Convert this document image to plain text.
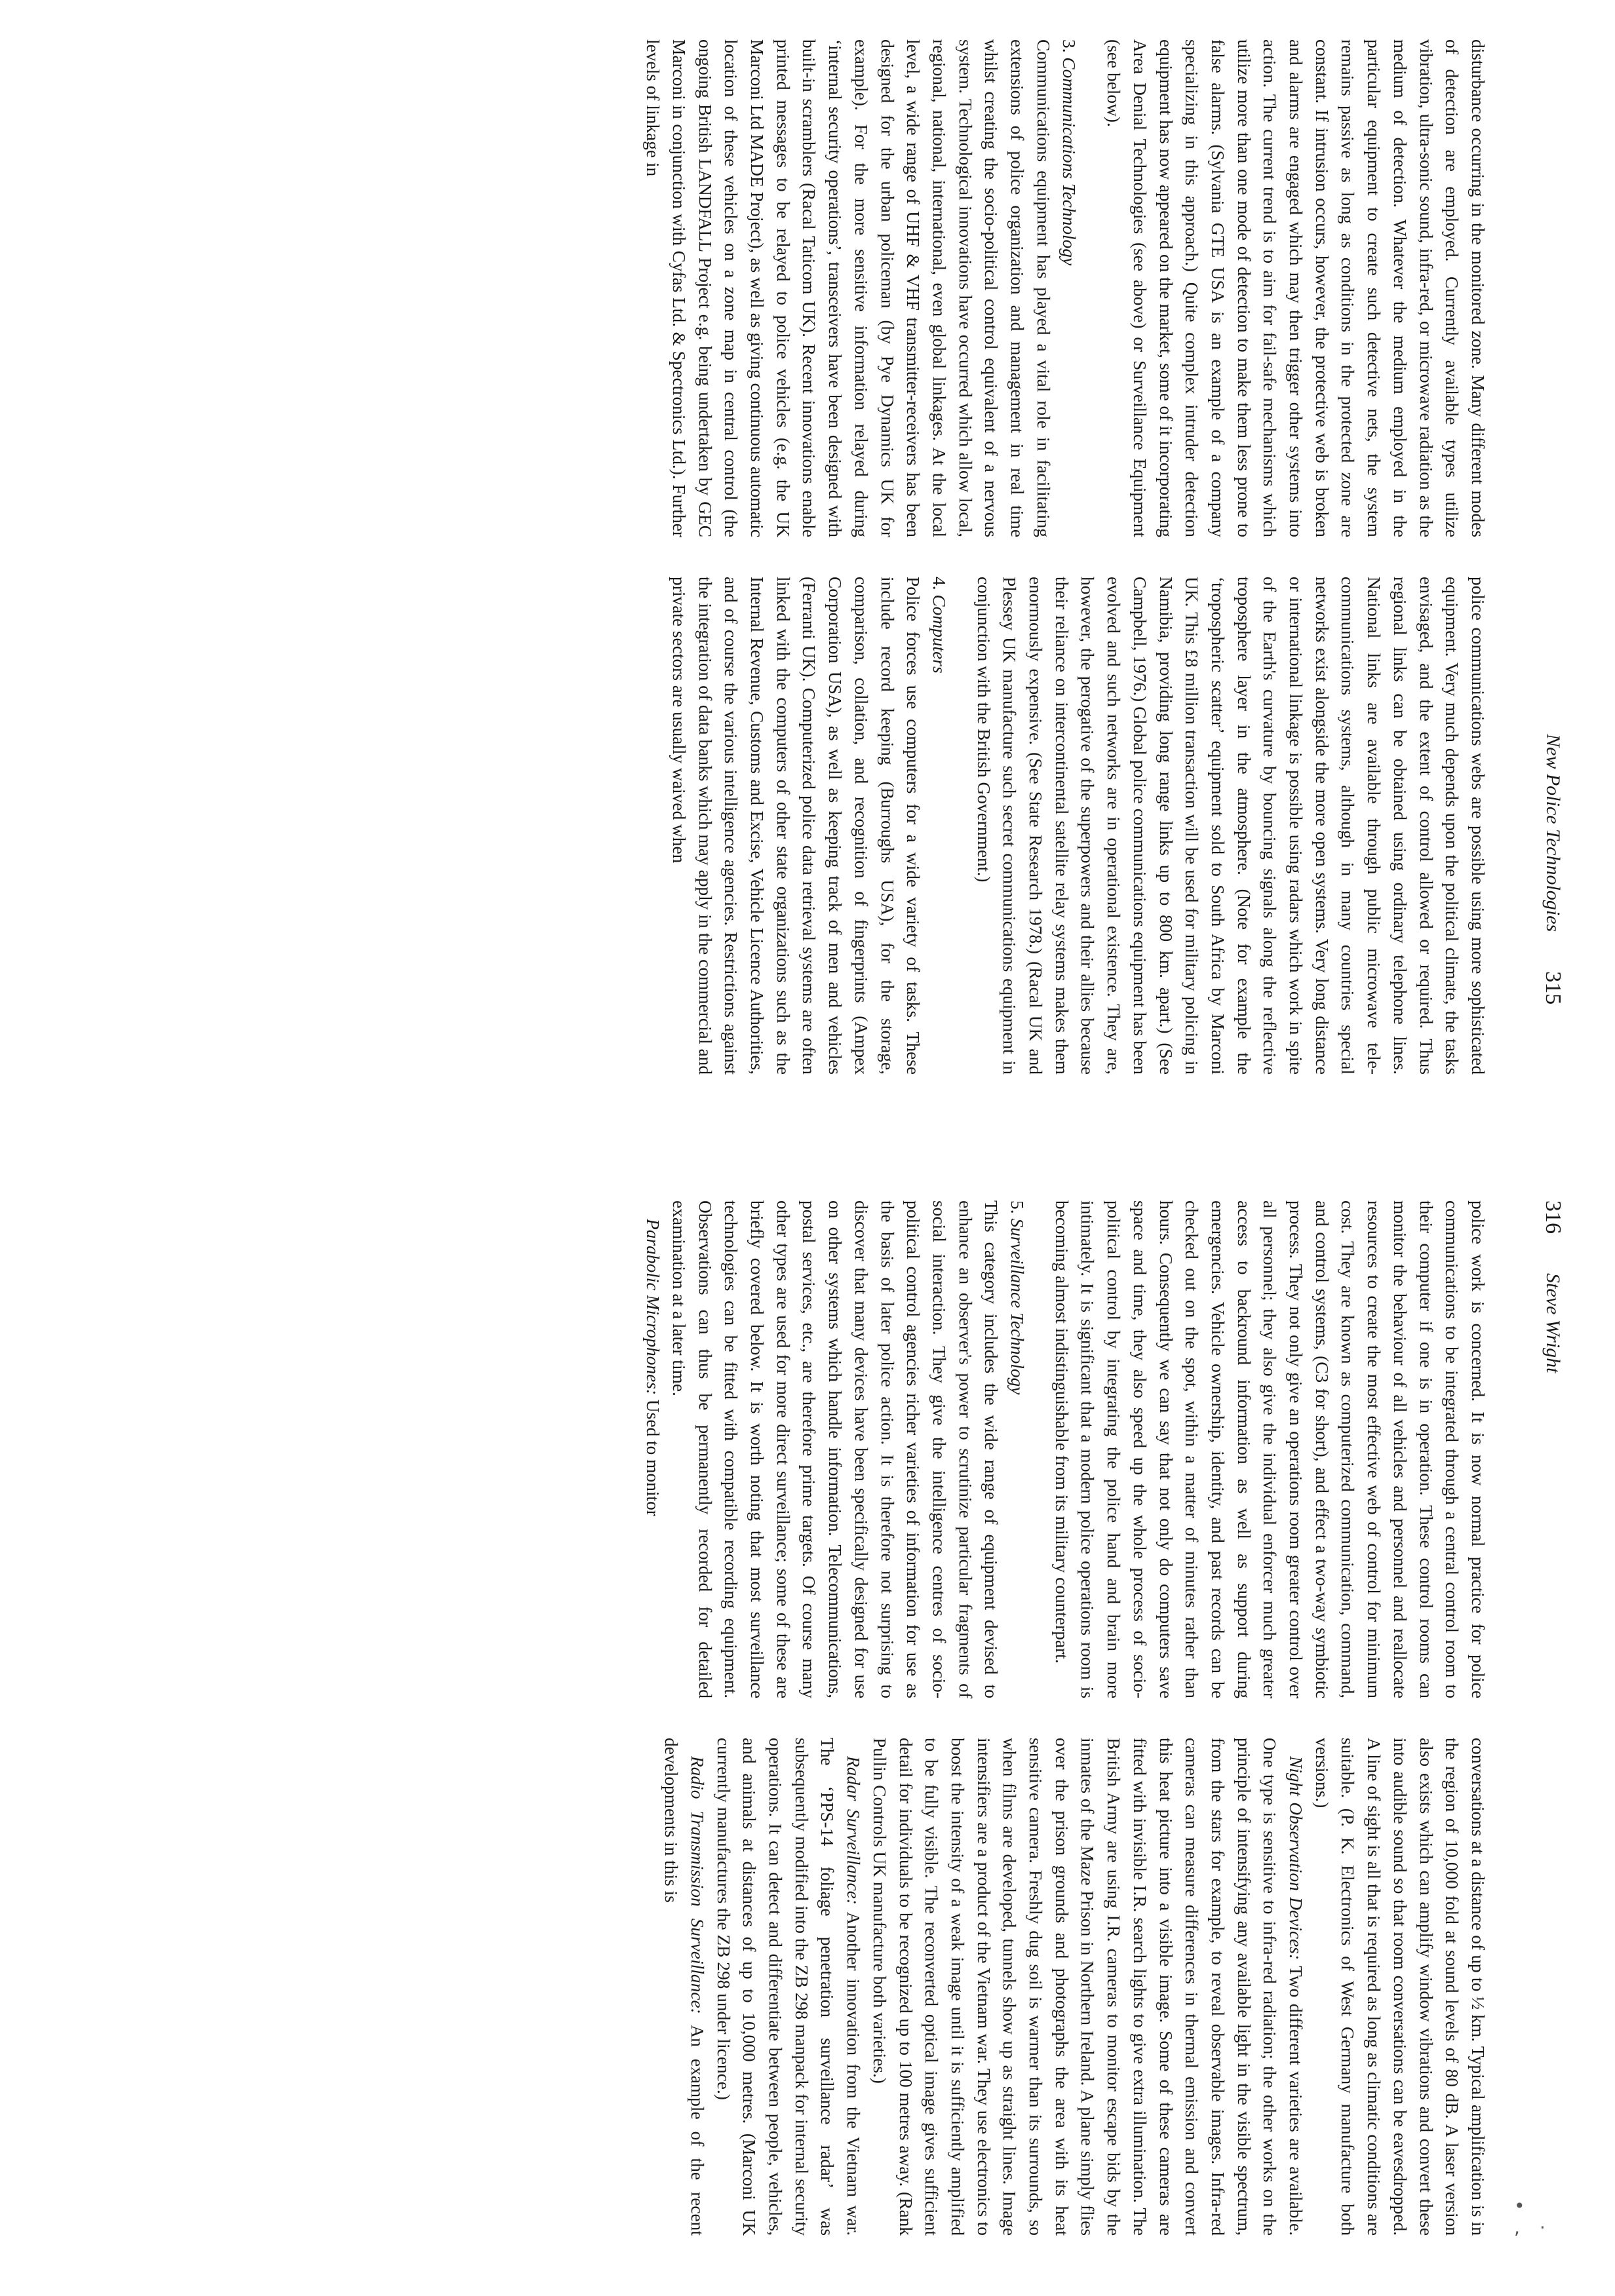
New Police Technologies
315

disturbance occurring in the monitored zone. Many different modes of detection are employed. Currently available types utilize vibration, ultra-sonic sound, infra-red, or microwave radiation as the medium of detection. Whatever the medium employed in the particular equipment to create such detective nets, the system remains passive as long as conditions in the protected zone are constant. If intrusion occurs, however, the protective web is broken and alarms are engaged which may then trigger other systems into action. The current trend is to aim for fail-safe mechanisms which utilize more than one mode of detection to make them less prone to false alarms. (Sylvania GTE USA is an example of a company specializing in this approach.) Quite complex intruder detection equipment has now appeared on the market, some of it incorporating Area Denial Technologies (see above) or Surveillance Equipment (see below).

3. Communications Technology

Communications equipment has played a vital role in facilitating extensions of police organization and management in real time whilst creating the socio-political control equivalent of a nervous system. Technological innovations have occurred which allow local, regional, national, international, even global linkages. At the local level, a wide range of UHF & VHF transmitter-receivers has been designed for the urban policeman (by Pye Dynamics UK for example). For the more sensitive information relayed during ‘internal security operations’, transceivers have been designed with built-in scramblers (Racal Taticom UK). Recent innovations enable printed messages to be relayed to police vehicles (e.g. the UK Marconi Ltd MADE Project), as well as giving continuous automatic location of these vehicles on a zone map in central control (the ongoing British LANDFALL Project e.g. being undertaken by GEC Marconi in conjunction with Cyfas Ltd. & Spectronics Ltd.). Further levels of linkage in

police communications webs are possible using more sophisticated equipment. Very much depends upon the political climate, the tasks envisaged, and the extent of control allowed or required. Thus regional links can be obtained using ordinary telephone lines. National links are available through public microwave tele-communications systems, although in many countries special networks exist alongside the more open systems. Very long distance or international linkage is possible using radars which work in spite of the Earth's curvature by bouncing signals along the reflective troposphere layer in the atmosphere. (Note for example the ‘tropospheric scatter’ equipment sold to South Africa by Marconi UK. This £8 million transaction will be used for military policing in Namibia, providing long range links up to 800 km. apart.) (See Campbell, 1976.) Global police communications equipment has been evolved and such networks are in operational existence. They are, however, the perogative of the superpowers and their allies because their reliance on intercontinental satellite relay systems makes them enormously expensive. (See State Research 1978.) (Racal UK and Plessey UK manufacture such secret communications equipment in conjunction with the British Government.)

4. Computers

Police forces use computers for a wide variety of tasks. These include record keeping (Burroughs USA), for the storage, comparison, collation, and recognition of fingerprints (Ampex Corporation USA), as well as keeping track of men and vehicles (Ferranti UK). Computerized police data retrieval systems are often linked with the computers of other state organizations such as the Internal Revenue, Customs and Excise, Vehicle Licence Authorities, and of course the various intelligence agencies. Restrictions against the integration of data banks which may apply in the commercial and private sectors are usually waived when

316
Steve Wright

police work is concerned. It is now normal practice for police communications to be integrated through a central control room to their computer if one is in operation. These control rooms can monitor the behaviour of all vehicles and personnel and reallocate resources to create the most effective web of control for minimum cost. They are known as computerized communication, command, and control systems, (C3 for short), and effect a two-way symbiotic process. They not only give an operations room greater control over all personnel; they also give the individual enforcer much greater access to backround information as well as support during emergencies. Vehicle ownership, identity, and past records can be checked out on the spot, within a matter of minutes rather than hours. Consequently we can say that not only do computers save space and time, they also speed up the whole process of socio-political control by integrating the police hand and brain more intimately. It is significant that a modern police operations room is becoming almost indistinguishable from its military counterpart.

5. Surveillance Technology

This category includes the wide range of equipment devised to enhance an observer's power to scrutinize particular fragments of social interaction. They give the intelligence centres of socio-political control agencies richer varieties of information for use as the basis of later police action. It is therefore not surprising to discover that many devices have been specifically designed for use on other systems which handle information. Telecommunications, postal services, etc., are therefore prime targets. Of course many other types are used for more direct surveillance; some of these are briefly covered below. It is worth noting that most surveillance technologies can be fitted with compatible recording equipment. Observations can thus be permanently recorded for detailed examination at a later time.

Parabolic Microphones: Used to monitor

conversations at a distance of up to ½ km. Typical amplification is in the region of 10,000 fold at sound levels of 80 dB. A laser version also exists which can amplify window vibrations and convert these into audible sound so that room conversations can be eavesdropped. A line of sight is all that is required as long as climatic conditions are suitable. (P. K. Electronics of West Germany manufacture both versions.)

Night Observation Devices: Two different varieties are available. One type is sensitive to infra-red radiation; the other works on the principle of intensifying any available light in the visible spectrum, from the stars for example, to reveal observable images. Infra-red cameras can measure differences in thermal emission and convert this heat picture into a visible image. Some of these cameras are fitted with invisible I.R. search lights to give extra illumination. The British Army are using I.R. cameras to monitor escape bids by the inmates of the Maze Prison in Northern Ireland. A plane simply flies over the prison grounds and photographs the area with its heat sensitive camera. Freshly dug soil is warmer than its surrounds, so when films are developed, tunnels show up as straight lines. Image intensifiers are a product of the Vietnam war. They use electronics to boost the intensity of a weak image until it is sufficiently amplified to be fully visible. The reconverted optical image gives sufficient detail for individuals to be recognized up to 100 metres away. (Rank Pullin Controls UK manufacture both varieties.)

Radar Surveillance: Another innovation from the Vietnam war. The ‘PPS-14 foliage penetration surveillance radar’ was subsequently modified into the ZB 298 manpack for internal security operations. It can detect and differentiate between people, vehicles, and animals at distances of up to 10,000 metres. (Marconi UK currently manufactures the ZB 298 under licence.)

Radio Transmission Surveillance: An example of the recent developments in this is

• ,·
